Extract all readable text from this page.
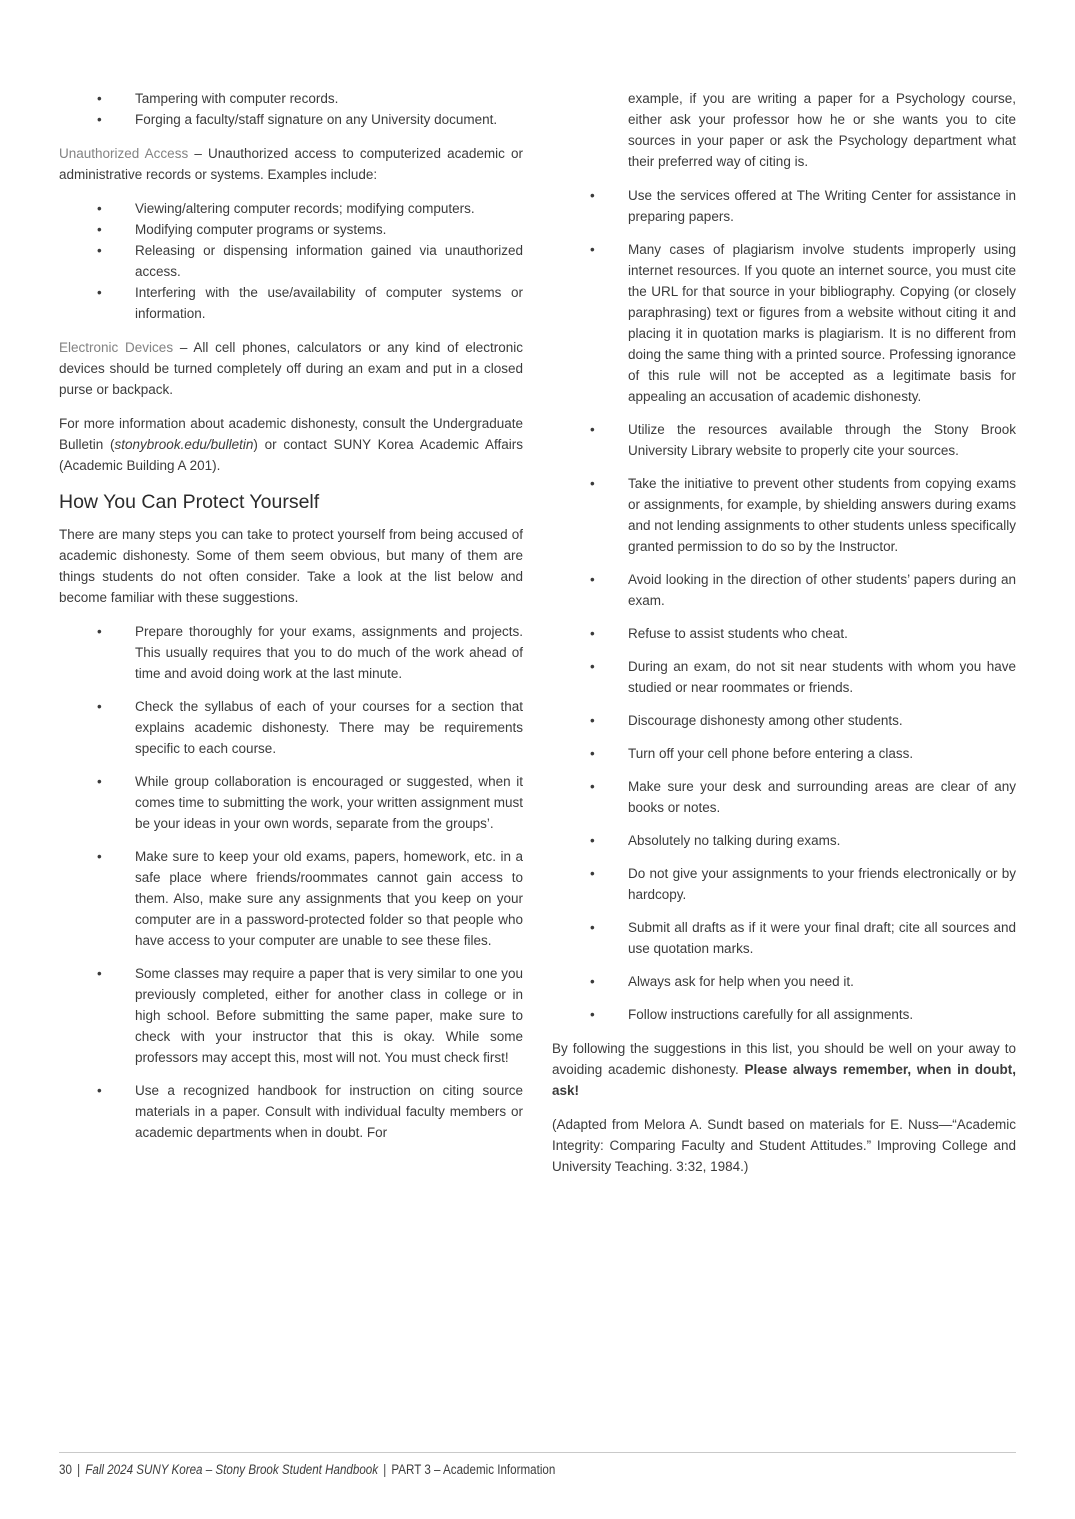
• Tampering with computer records.
• Forging a faculty/staff signature on any University document.

Unauthorized Access – Unauthorized access to computerized academic or administrative records or systems. Examples include:

• Viewing/altering computer records; modifying computers.
• Modifying computer programs or systems.
• Releasing or dispensing information gained via unauthorized access.
• Interfering with the use/availability of computer systems or information.

Electronic Devices – All cell phones, calculators or any kind of electronic devices should be turned completely off during an exam and put in a closed purse or backpack.

For more information about academic dishonesty, consult the Undergraduate Bulletin (stonybrook.edu/bulletin) or contact SUNY Korea Academic Affairs (Academic Building A 201).

How You Can Protect Yourself

There are many steps you can take to protect yourself from being accused of academic dishonesty. Some of them seem obvious, but many of them are things students do not often consider. Take a look at the list below and become familiar with these suggestions.

• Prepare thoroughly for your exams, assignments and projects. This usually requires that you to do much of the work ahead of time and avoid doing work at the last minute.
• Check the syllabus of each of your courses for a section that explains academic dishonesty. There may be requirements specific to each course.
• While group collaboration is encouraged or suggested, when it comes time to submitting the work, your written assignment must be your ideas in your own words, separate from the groups’.
• Make sure to keep your old exams, papers, homework, etc. in a safe place where friends/roommates cannot gain access to them. Also, make sure any assignments that you keep on your computer are in a password-protected folder so that people who have access to your computer are unable to see these files.
• Some classes may require a paper that is very similar to one you previously completed, either for another class in college or in high school. Before submitting the same paper, make sure to check with your instructor that this is okay. While some professors may accept this, most will not. You must check first!
• Use a recognized handbook for instruction on citing source materials in a paper. Consult with individual faculty members or academic departments when in doubt. For

example, if you are writing a paper for a Psychology course, either ask your professor how he or she wants you to cite sources in your paper or ask the Psychology department what their preferred way of citing is.

• Use the services offered at The Writing Center for assistance in preparing papers.
• Many cases of plagiarism involve students improperly using internet resources. If you quote an internet source, you must cite the URL for that source in your bibliography. Copying (or closely paraphrasing) text or figures from a website without citing it and placing it in quotation marks is plagiarism. It is no different from doing the same thing with a printed source. Professing ignorance of this rule will not be accepted as a legitimate basis for appealing an accusation of academic dishonesty.
• Utilize the resources available through the Stony Brook University Library website to properly cite your sources.
• Take the initiative to prevent other students from copying exams or assignments, for example, by shielding answers during exams and not lending assignments to other students unless specifically granted permission to do so by the Instructor.
• Avoid looking in the direction of other students’ papers during an exam.
• Refuse to assist students who cheat.
• During an exam, do not sit near students with whom you have studied or near roommates or friends.
• Discourage dishonesty among other students.
• Turn off your cell phone before entering a class.
• Make sure your desk and surrounding areas are clear of any books or notes.
• Absolutely no talking during exams.
• Do not give your assignments to your friends electronically or by hardcopy.
• Submit all drafts as if it were your final draft; cite all sources and use quotation marks.
• Always ask for help when you need it.
• Follow instructions carefully for all assignments.

By following the suggestions in this list, you should be well on your away to avoiding academic dishonesty. Please always remember, when in doubt, ask!

(Adapted from Melora A. Sundt based on materials for E. Nuss—“Academic Integrity: Comparing Faculty and Student Attitudes.” Improving College and University Teaching. 3:32, 1984.)

30 | Fall 2024 SUNY Korea – Stony Brook Student Handbook | PART 3 – Academic Information
